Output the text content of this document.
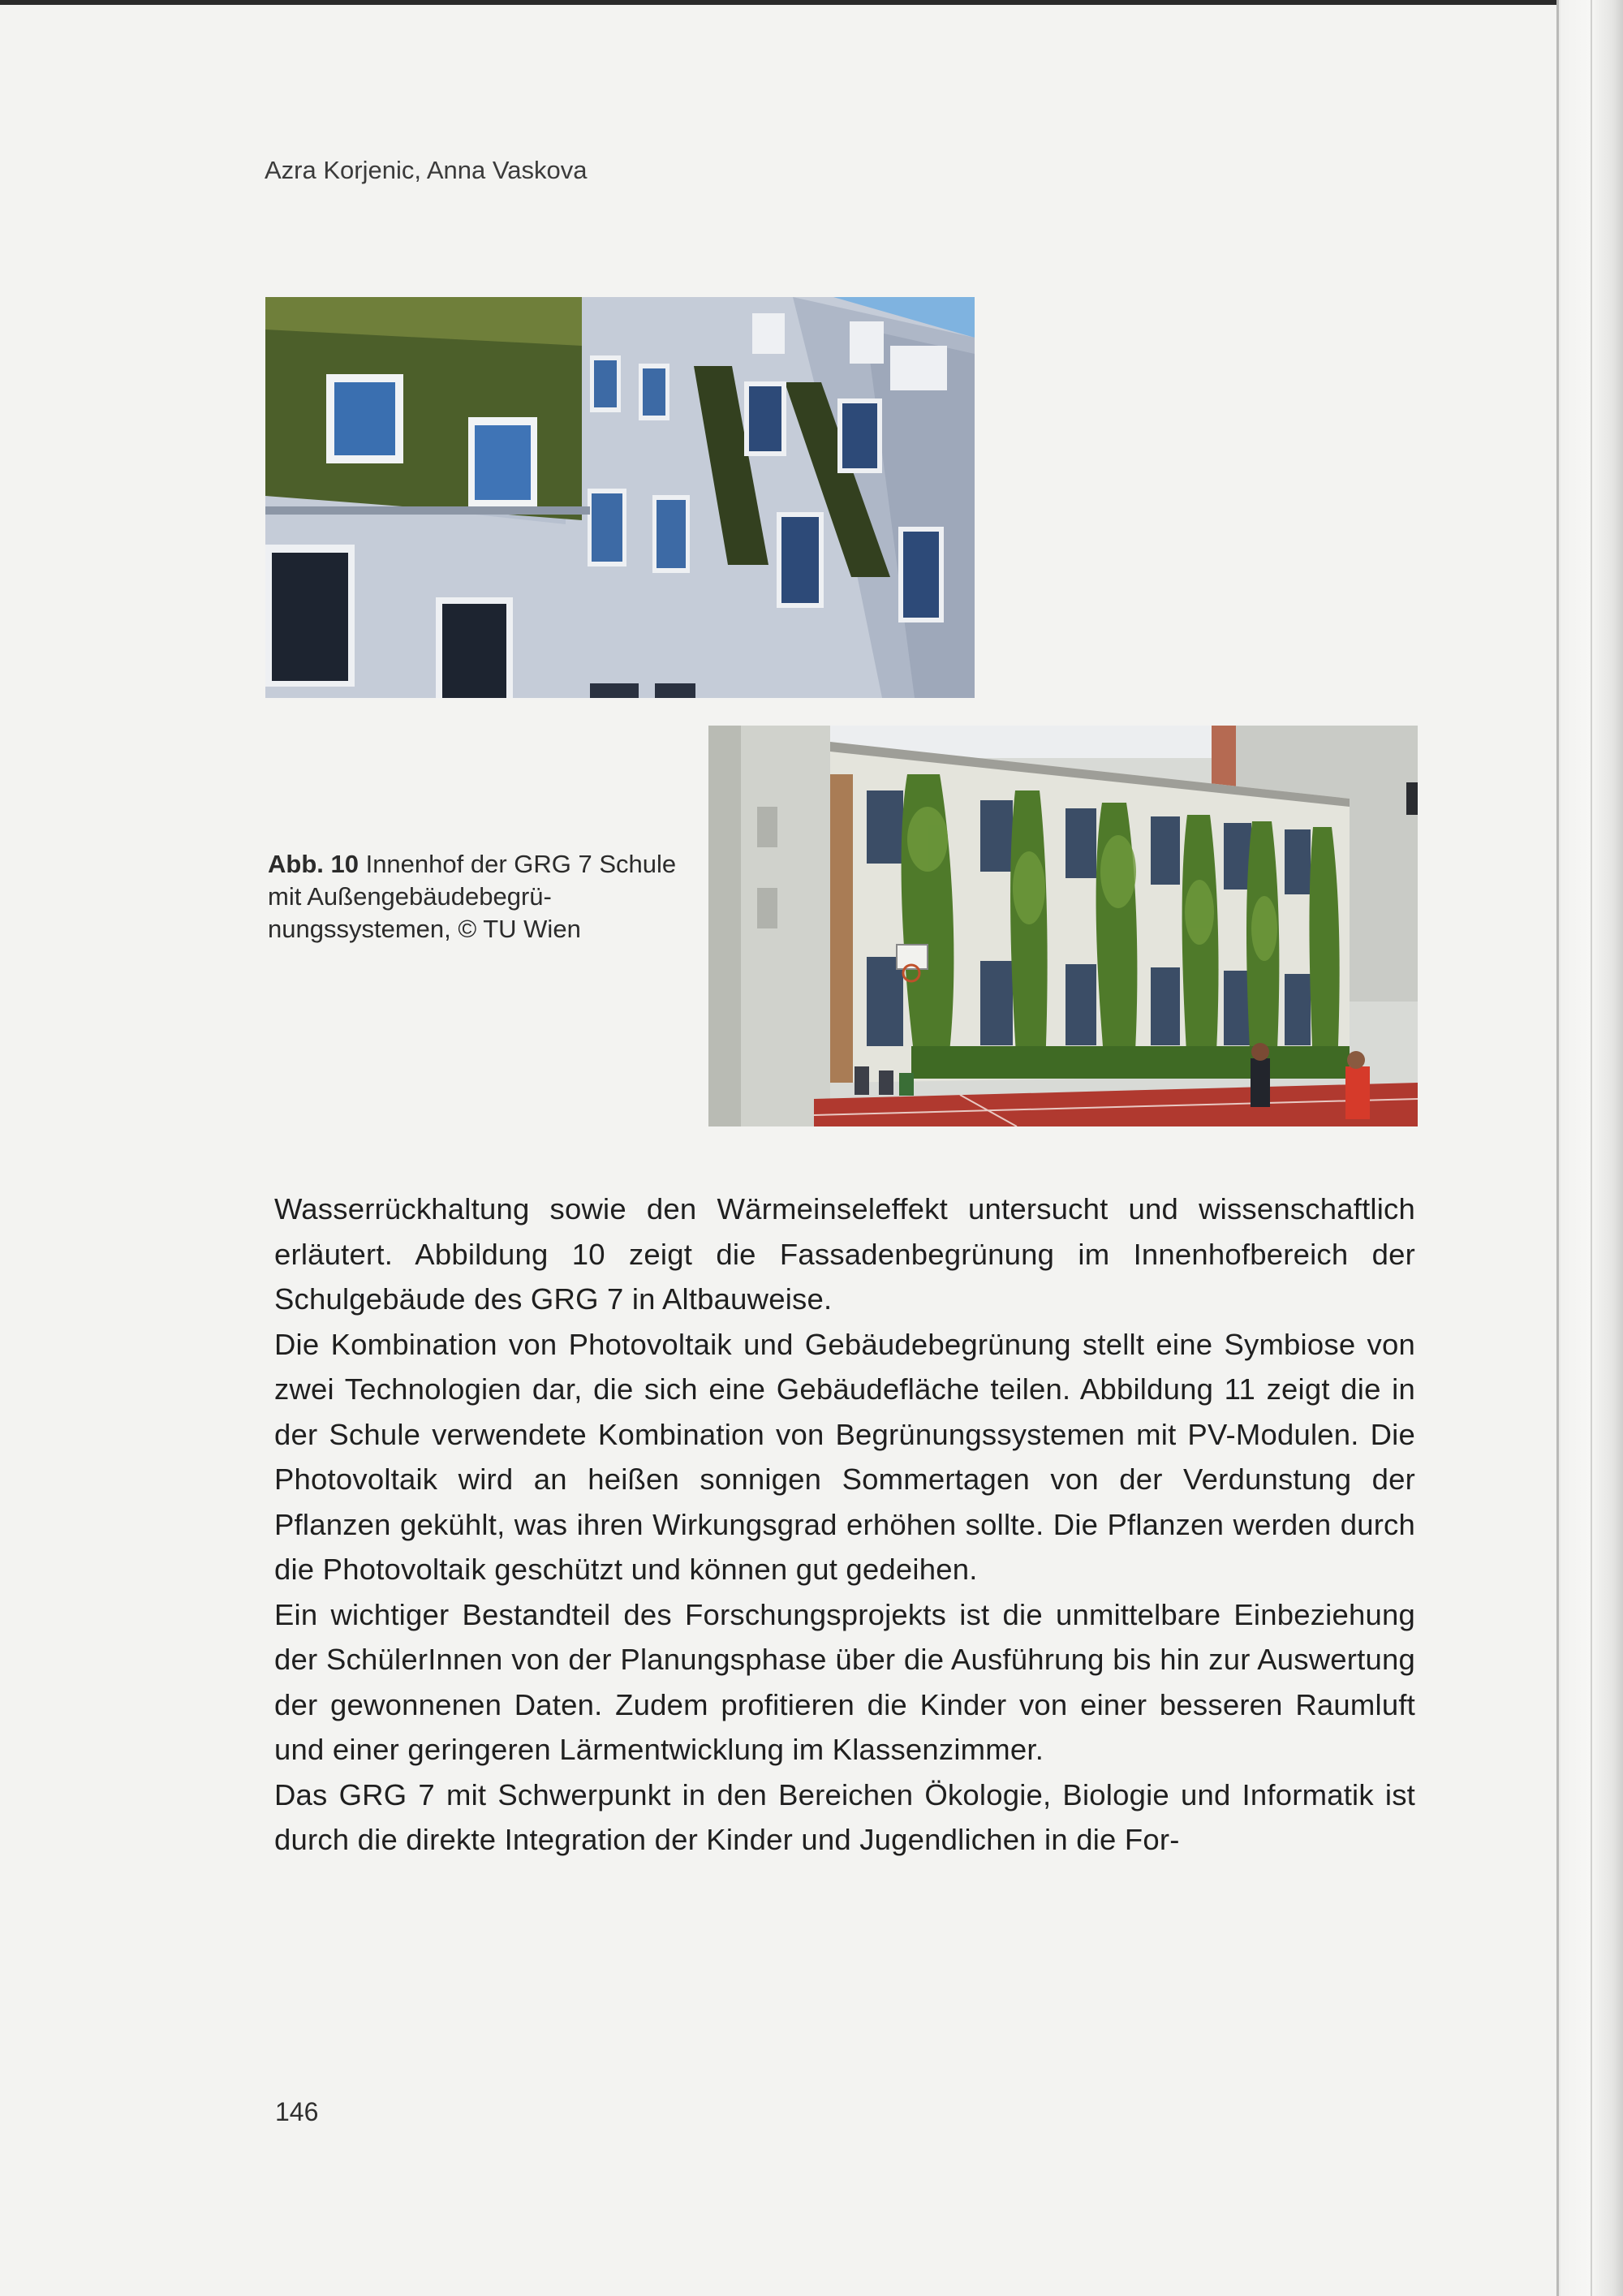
Azra Korjenic, Anna Vaskova
Abb. 10 Innenhof der GRG 7 Schule mit Außengebäudebegrünungssystemen, © TU Wien

Wasserrückhaltung sowie den Wärmeinseleffekt untersucht und wissenschaftlich erläutert. Abbildung 10 zeigt die Fassadenbegrünung im Innenhofbereich der Schulgebäude des GRG 7 in Altbauweise.

Die Kombination von Photovoltaik und Gebäudebegrünung stellt eine Symbiose von zwei Technologien dar, die sich eine Gebäudefläche teilen. Abbildung 11 zeigt die in der Schule verwendete Kombination von Begrünungssystemen mit PV-Modulen. Die Photovoltaik wird an heißen sonnigen Sommertagen von der Verdunstung der Pflanzen gekühlt, was ihren Wirkungsgrad erhöhen sollte. Die Pflanzen werden durch die Photovoltaik geschützt und können gut gedeihen.

Ein wichtiger Bestandteil des Forschungsprojekts ist die unmittelbare Einbeziehung der SchülerInnen von der Planungsphase über die Ausführung bis hin zur Auswertung der gewonnenen Daten. Zudem profitieren die Kinder von einer besseren Raumluft und einer geringeren Lärmentwicklung im Klassenzimmer.

Das GRG 7 mit Schwerpunkt in den Bereichen Ökologie, Biologie und Informatik ist durch die direkte Integration der Kinder und Jugendlichen in die For-

146
